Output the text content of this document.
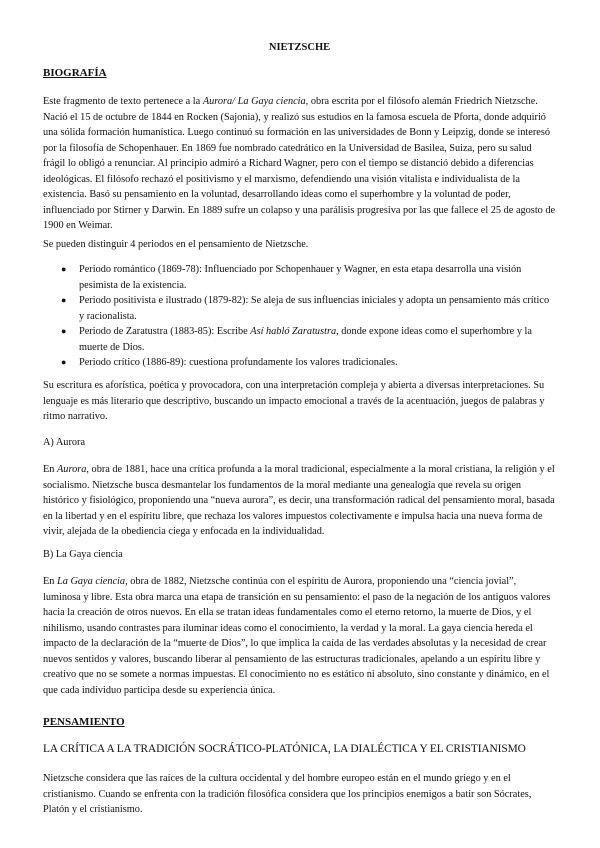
NIETZSCHE
BIOGRAFÍA

Este fragmento de texto pertenece a la Aurora/ La Gaya ciencia, obra escrita por el filósofo alemán Friedrich Nietzsche. Nació el 15 de octubre de 1844 en Rocken (Sajonia), y realizó sus estudios en la famosa escuela de Pforta, donde adquirió una sólida formación humanística. Luego continuó su formación en las universidades de Bonn y Leipzig, donde se interesó por la filosofía de Schopenhauer. En 1869 fue nombrado catedrático en la Universidad de Basilea, Suiza, pero su salud frágil lo obligó a renunciar. Al principio admiró a Richard Wagner, pero con el tiempo se distanció debido a diferencias ideológicas. El filósofo rechazó el positivismo y el marxismo, defendiendo una visión vitalista e individualista de la existencia. Basó su pensamiento en la voluntad, desarrollando ideas como el superhombre y la voluntad de poder, influenciado por Stirner y Darwin. En 1889 sufre un colapso y una parálisis progresiva por las que fallece el 25 de agosto de 1900 en Weimar.

Se pueden distinguir 4 periodos en el pensamiento de Nietzsche.

● Periodo romántico (1869-78): Influenciado por Schopenhauer y Wagner, en esta etapa desarrolla una visión pesimista de la existencia.
● Periodo positivista e ilustrado (1879-82): Se aleja de sus influencias iniciales y adopta un pensamiento más crítico y racionalista.
● Periodo de Zaratustra (1883-85): Escribe Así habló Zaratustra, donde expone ideas como el superhombre y la muerte de Dios.
● Periodo crítico (1886-89): cuestiona profundamente los valores tradicionales.

Su escritura es aforística, poética y provocadora, con una interpretación compleja y abierta a diversas interpretaciones. Su lenguaje es más literario que descriptivo, buscando un impacto emocional a través de la acentuación, juegos de palabras y ritmo narrativo.

A) Aurora

En Aurora, obra de 1881, hace una crítica profunda a la moral tradicional, especialmente a la moral cristiana, la religión y el socialismo. Nietzsche busca desmantelar los fundamentos de la moral mediante una genealogía que revela su origen histórico y fisiológico, proponiendo una “nueva aurora”, es decir, una transformación radical del pensamiento moral, basada en la libertad y en el espíritu libre, que rechaza los valores impuestos colectivamente e impulsa hacia una nueva forma de vivir, alejada de la obediencia ciega y enfocada en la individualidad.

B) La Gaya ciencia

En La Gaya ciencia, obra de 1882, Nietzsche continúa con el espíritu de Aurora, proponiendo una “ciencia jovial”, luminosa y libre. Esta obra marca una etapa de transición en su pensamiento: el paso de la negación de los antiguos valores hacia la creación de otros nuevos. En ella se tratan ideas fundamentales como el eterno retorno, la muerte de Dios, y el nihilismo, usando contrastes para iluminar ideas como el conocimiento, la verdad y la moral. La gaya ciencia hereda el impacto de la declaración de la “muerte de Dios”, lo que implica la caída de las verdades absolutas y la necesidad de crear nuevos sentidos y valores, buscando liberar al pensamiento de las estructuras tradicionales, apelando a un espíritu libre y creativo que no se somete a normas impuestas. El conocimiento no es estático ni absoluto, sino constante y dinámico, en el que cada individuo participa desde su experiencia única.

PENSAMIENTO
LA CRÍTICA A LA TRADICIÓN SOCRÁTICO-PLATÓNICA, LA DIALÉCTICA Y EL CRISTIANISMO

Nietzsche considera que las raíces de la cultura occidental y del hombre europeo están en el mundo griego y en el cristianismo. Cuando se enfrenta con la tradición filosófica considera que los principios enemigos a batir son Sócrates, Platón y el cristianismo.
